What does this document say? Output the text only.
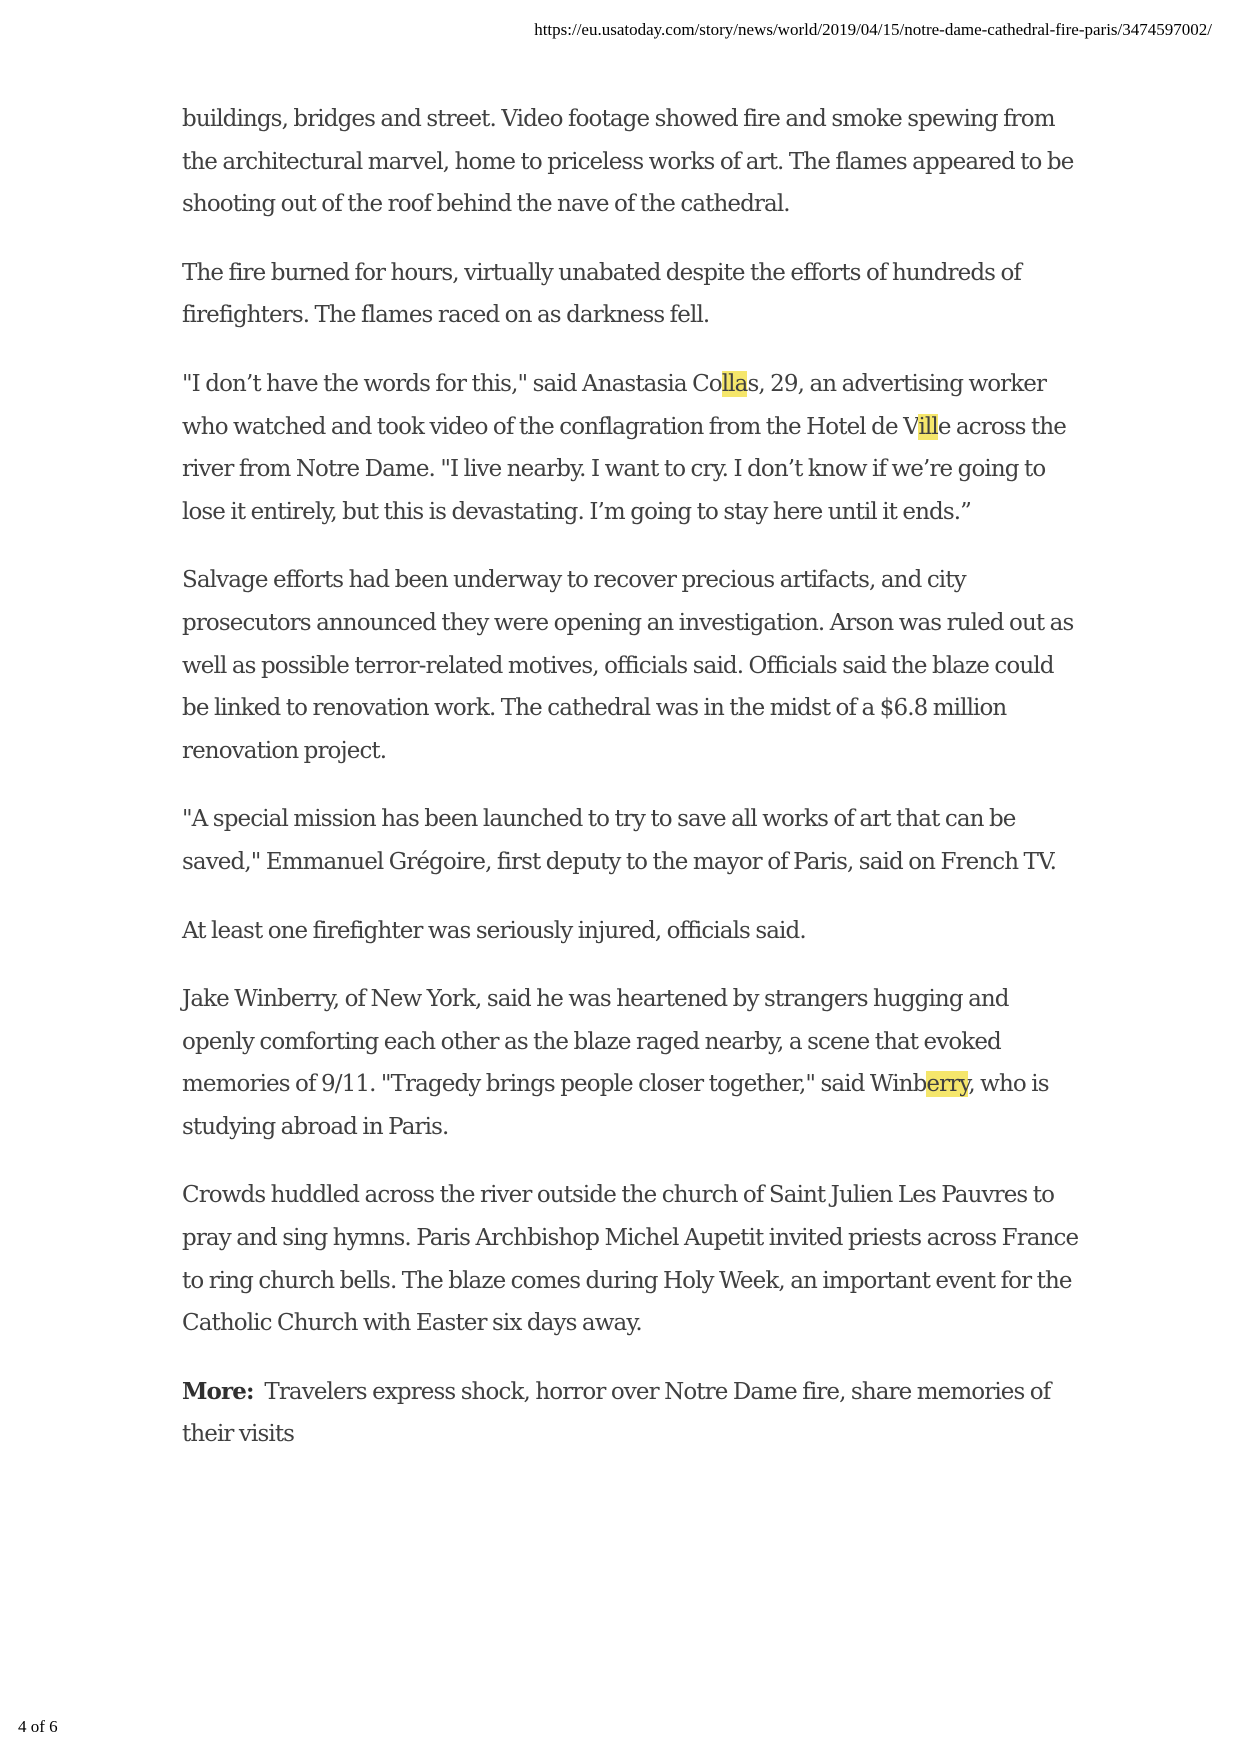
https://eu.usatoday.com/story/news/world/2019/04/15/notre-dame-cathedral-fire-paris/3474597002/

buildings, bridges and street. Video footage showed fire and smoke spewing from the architectural marvel, home to priceless works of art. The flames appeared to be shooting out of the roof behind the nave of the cathedral.

The fire burned for hours, virtually unabated despite the efforts of hundreds of firefighters. The flames raced on as darkness fell.

"I don’t have the words for this," said Anastasia Collas, 29, an advertising worker who watched and took video of the conflagration from the Hotel de Ville across the river from Notre Dame. "I live nearby. I want to cry. I don’t know if we’re going to lose it entirely, but this is devastating. I’m going to stay here until it ends.”

Salvage efforts had been underway to recover precious artifacts, and city prosecutors announced they were opening an investigation. Arson was ruled out as well as possible terror-related motives, officials said. Officials said the blaze could be linked to renovation work. The cathedral was in the midst of a $6.8 million renovation project.

"A special mission has been launched to try to save all works of art that can be saved," Emmanuel Grégoire, first deputy to the mayor of Paris, said on French TV.

At least one firefighter was seriously injured, officials said.

Jake Winberry, of New York, said he was heartened by strangers hugging and openly comforting each other as the blaze raged nearby, a scene that evoked memories of 9/11. "Tragedy brings people closer together," said Winberry, who is studying abroad in Paris.

Crowds huddled across the river outside the church of Saint Julien Les Pauvres to pray and sing hymns. Paris Archbishop Michel Aupetit invited priests across France to ring church bells. The blaze comes during Holy Week, an important event for the Catholic Church with Easter six days away.

More: Travelers express shock, horror over Notre Dame fire, share memories of their visits

4 of 6
